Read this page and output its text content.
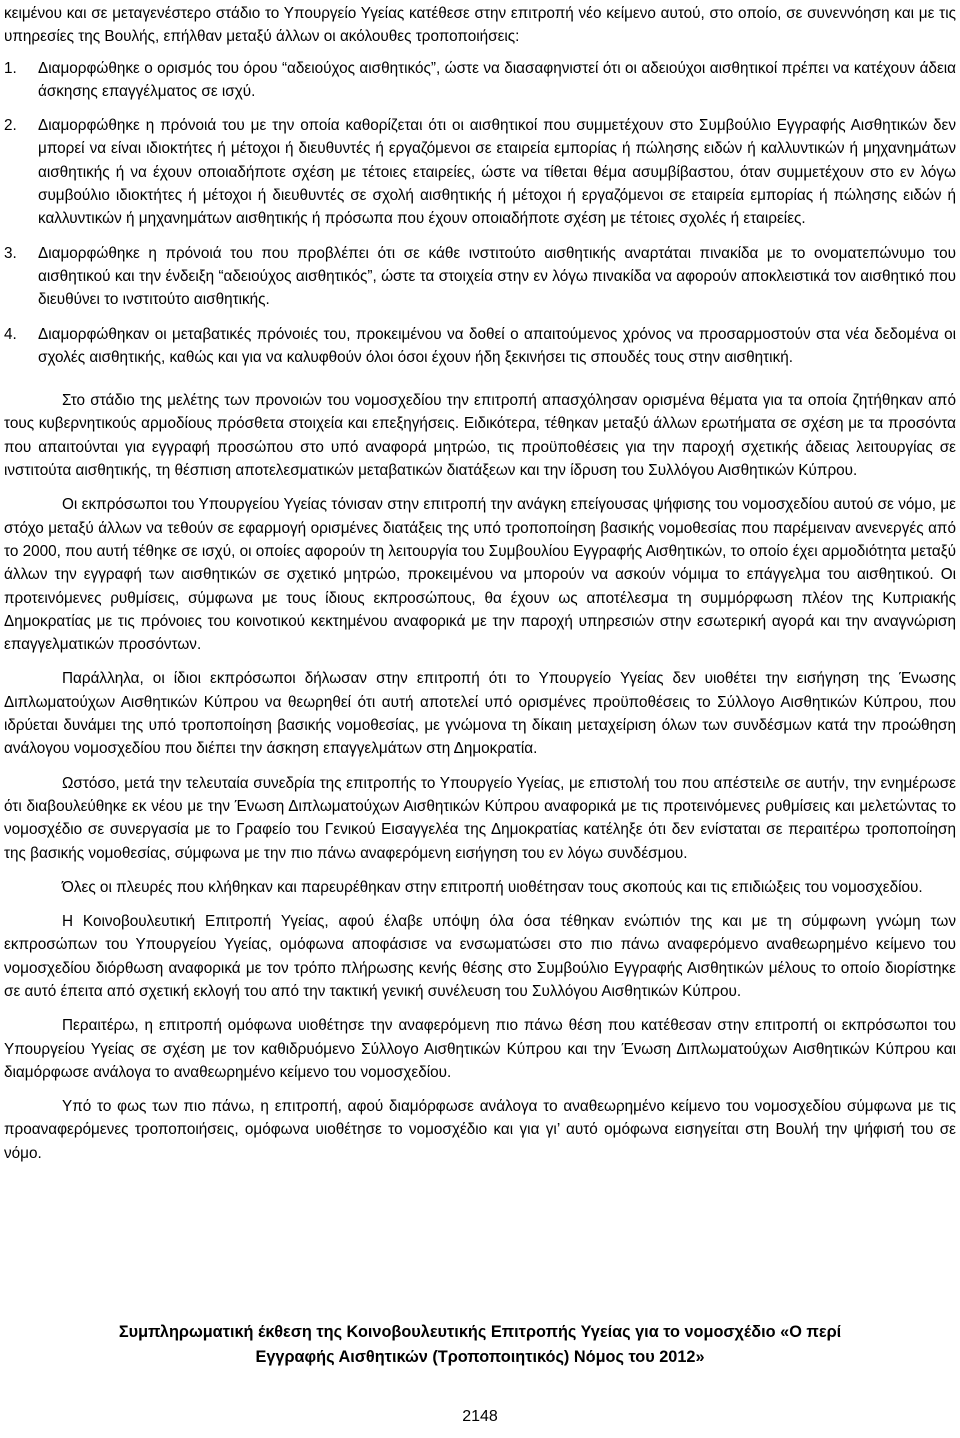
κειμένου και σε μεταγενέστερο στάδιο το Υπουργείο Υγείας κατέθεσε στην επιτροπή νέο κείμενο αυτού, στο οποίο, σε συνεννόηση και με τις υπηρεσίες της Βουλής, επήλθαν μεταξύ άλλων οι ακόλουθες τροποποιήσεις:

1. Διαμορφώθηκε ο ορισμός του όρου “αδειούχος αισθητικός”, ώστε να διασαφηνιστεί ότι οι αδειούχοι αισθητικοί πρέπει να κατέχουν άδεια άσκησης επαγγέλματος σε ισχύ.
2. Διαμορφώθηκε η πρόνοιά του με την οποία καθορίζεται ότι οι αισθητικοί που συμμετέχουν στο Συμβούλιο Εγγραφής Αισθητικών δεν μπορεί να είναι ιδιοκτήτες ή μέτοχοι ή διευθυντές ή εργαζόμενοι σε εταιρεία εμπορίας ή πώλησης ειδών ή καλλυντικών ή μηχανημάτων αισθητικής ή να έχουν οποιαδήποτε σχέση με τέτοιες εταιρείες, ώστε να τίθεται θέμα ασυμβίβαστου, όταν συμμετέχουν στο εν λόγω συμβούλιο ιδιοκτήτες ή μέτοχοι ή διευθυντές σε σχολή αισθητικής ή μέτοχοι ή εργαζόμενοι σε εταιρεία εμπορίας ή πώλησης ειδών ή καλλυντικών ή μηχανημάτων αισθητικής ή πρόσωπα που έχουν οποιαδήποτε σχέση με τέτοιες σχολές ή εταιρείες.
3. Διαμορφώθηκε η πρόνοιά του που προβλέπει ότι σε κάθε ινστιτούτο αισθητικής αναρτάται πινακίδα με το ονοματεπώνυμο του αισθητικού και την ένδειξη “αδειούχος αισθητικός”, ώστε τα στοιχεία στην εν λόγω πινακίδα να αφορούν αποκλειστικά τον αισθητικό που διευθύνει το ινστιτούτο αισθητικής.
4. Διαμορφώθηκαν οι μεταβατικές πρόνοιές του, προκειμένου να δοθεί ο απαιτούμενος χρόνος να προσαρμοστούν στα νέα δεδομένα οι σχολές αισθητικής, καθώς και για να καλυφθούν όλοι όσοι έχουν ήδη ξεκινήσει τις σπουδές τους στην αισθητική.

Στο στάδιο της μελέτης των προνοιών του νομοσχεδίου την επιτροπή απασχόλησαν ορισμένα θέματα για τα οποία ζητήθηκαν από τους κυβερνητικούς αρμοδίους πρόσθετα στοιχεία και επεξηγήσεις. Ειδικότερα, τέθηκαν μεταξύ άλλων ερωτήματα σε σχέση με τα προσόντα που απαιτούνται για εγγραφή προσώπου στο υπό αναφορά μητρώο, τις προϋποθέσεις για την παροχή σχετικής άδειας λειτουργίας σε ινστιτούτα αισθητικής, τη θέσπιση αποτελεσματικών μεταβατικών διατάξεων και την ίδρυση του Συλλόγου Αισθητικών Κύπρου.

Οι εκπρόσωποι του Υπουργείου Υγείας τόνισαν στην επιτροπή την ανάγκη επείγουσας ψήφισης του νομοσχεδίου αυτού σε νόμο, με στόχο μεταξύ άλλων να τεθούν σε εφαρμογή ορισμένες διατάξεις της υπό τροποποίηση βασικής νομοθεσίας που παρέμειναν ανενεργές από το 2000, που αυτή τέθηκε σε ισχύ, οι οποίες αφορούν τη λειτουργία του Συμβουλίου Εγγραφής Αισθητικών, το οποίο έχει αρμοδιότητα μεταξύ άλλων την εγγραφή των αισθητικών σε σχετικό μητρώο, προκειμένου να μπορούν να ασκούν νόμιμα το επάγγελμα του αισθητικού. Οι προτεινόμενες ρυθμίσεις, σύμφωνα με τους ίδιους εκπροσώπους, θα έχουν ως αποτέλεσμα τη συμμόρφωση πλέον της Κυπριακής Δημοκρατίας με τις πρόνοιες του κοινοτικού κεκτημένου αναφορικά με την παροχή υπηρεσιών στην εσωτερική αγορά και την αναγνώριση επαγγελματικών προσόντων.

Παράλληλα, οι ίδιοι εκπρόσωποι δήλωσαν στην επιτροπή ότι το Υπουργείο Υγείας δεν υιοθέτει την εισήγηση της Ένωσης Διπλωματούχων Αισθητικών Κύπρου να θεωρηθεί ότι αυτή αποτελεί υπό ορισμένες προϋποθέσεις το Σύλλογο Αισθητικών Κύπρου, που ιδρύεται δυνάμει της υπό τροποποίηση βασικής νομοθεσίας, με γνώμονα τη δίκαιη μεταχείριση όλων των συνδέσμων κατά την προώθηση ανάλογου νομοσχεδίου που διέπει την άσκηση επαγγελμάτων στη Δημοκρατία.

Ωστόσο, μετά την τελευταία συνεδρία της επιτροπής το Υπουργείο Υγείας, με επιστολή του που απέστειλε σε αυτήν, την ενημέρωσε ότι διαβουλεύθηκε εκ νέου με την Ένωση Διπλωματούχων Αισθητικών Κύπρου αναφορικά με τις προτεινόμενες ρυθμίσεις και μελετώντας το νομοσχέδιο σε συνεργασία με το Γραφείο του Γενικού Εισαγγελέα της Δημοκρατίας κατέληξε ότι δεν ενίσταται σε περαιτέρω τροποποίηση της βασικής νομοθεσίας, σύμφωνα με την πιο πάνω αναφερόμενη εισήγηση του εν λόγω συνδέσμου.

Όλες οι πλευρές που κλήθηκαν και παρευρέθηκαν στην επιτροπή υιοθέτησαν τους σκοπούς και τις επιδιώξεις του νομοσχεδίου.

Η Κοινοβουλευτική Επιτροπή Υγείας, αφού έλαβε υπόψη όλα όσα τέθηκαν ενώπιόν της και με τη σύμφωνη γνώμη των εκπροσώπων του Υπουργείου Υγείας, ομόφωνα αποφάσισε να ενσωματώσει στο πιο πάνω αναφερόμενο αναθεωρημένο κείμενο του νομοσχεδίου διόρθωση αναφορικά με τον τρόπο πλήρωσης κενής θέσης στο Συμβούλιο Εγγραφής Αισθητικών μέλους το οποίο διορίστηκε σε αυτό έπειτα από σχετική εκλογή του από την τακτική γενική συνέλευση του Συλλόγου Αισθητικών Κύπρου.

Περαιτέρω, η επιτροπή ομόφωνα υιοθέτησε την αναφερόμενη πιο πάνω θέση που κατέθεσαν στην επιτροπή οι εκπρόσωποι του Υπουργείου Υγείας σε σχέση με τον καθιδρυόμενο Σύλλογο Αισθητικών Κύπρου και την Ένωση Διπλωματούχων Αισθητικών Κύπρου και διαμόρφωσε ανάλογα το αναθεωρημένο κείμενο του νομοσχεδίου.

Υπό το φως των πιο πάνω, η επιτροπή, αφού διαμόρφωσε ανάλογα το αναθεωρημένο κείμενο του νομοσχεδίου σύμφωνα με τις προαναφερόμενες τροποποιήσεις, ομόφωνα υιοθέτησε το νομοσχέδιο και για γι’ αυτό ομόφωνα εισηγείται στη Βουλή την ψήφισή του σε νόμο.

Συμπληρωματική έκθεση της Κοινοβουλευτικής Επιτροπής Υγείας για το νομοσχέδιο «Ο περί
Εγγραφής Αισθητικών (Τροποποιητικός) Νόμος του 2012»
2148
